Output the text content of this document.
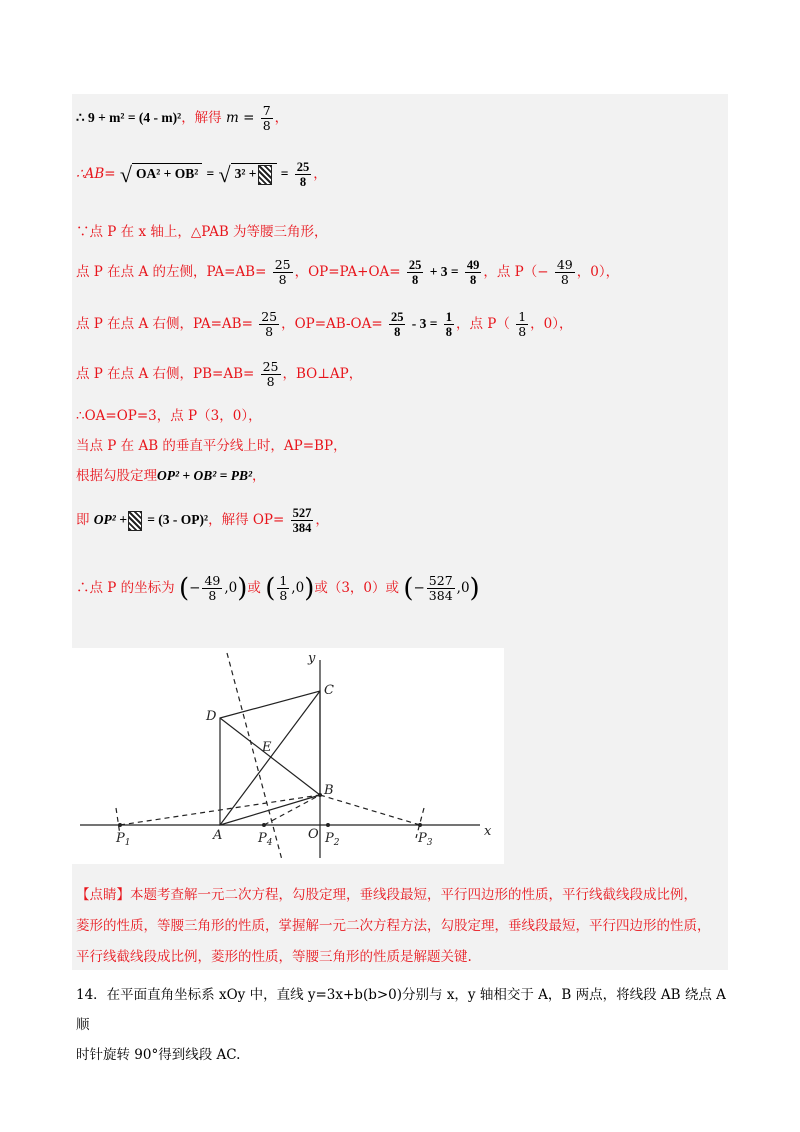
∴ 9 + m² = (4 - m)²，解得 $m = \frac{7}{8}$ ，
∴AB= √ OA² + OB² = √ 3² + = $\frac{25}{8}$ ，
∵点 P 在 x 轴上，△PAB 为等腰三角形，
点 P 在点 A 的左侧，$PA=AB= \frac{25}{8}$ ，$OP=PA+OA= \frac{25}{8} + 3 = \frac{49}{8}$ ，点 $P(- \frac{49}{8}$ ，0），
点 P 在点 A 右侧，$PA=AB= \frac{25}{8}$ ，$OP=AB-OA= \frac{25}{8} - 3 = \frac{1}{8}$ ，点 $P( \frac{1}{8}$ ，0），
点 P 在点 A 右侧，$PB=AB= \frac{25}{8}$ ，BO⊥AP，
∴OA=OP=3，点 P（3，0），
当点 P 在 AB 的垂直平分线上时，AP=BP，
根据勾股定理OP² + OB² = PB²，
即 OP² + = (3 - OP)²，解得 $OP= \frac{527}{384}$ ，
∴点 P 的坐标为 (− $\frac{49}{8} ,0$)或 ( $\frac{1}{8} ,0$)或（3，0）或 (− $\frac{527}{384} ,0$)
y
x
C
D
E
B
A	O
$P_1$	$P_2$	$P_3$
$P_4$
【点睛】本题考查解一元二次方程，勾股定理，垂线段最短，平行四边形的性质，平行线截线段成比例，
菱形的性质，等腰三角形的性质，掌握解一元二次方程方法，勾股定理，垂线段最短，平行四边形的性质，
平行线截线段成比例，菱形的性质，等腰三角形的性质是解题关键.
14．在平面直角坐标系 xOy 中，直线 y=3x+b(b>0)分别与 x，y 轴相交于 A，B 两点，将线段 AB 绕点 A 顺
时针旋转 90°得到线段 AC.
